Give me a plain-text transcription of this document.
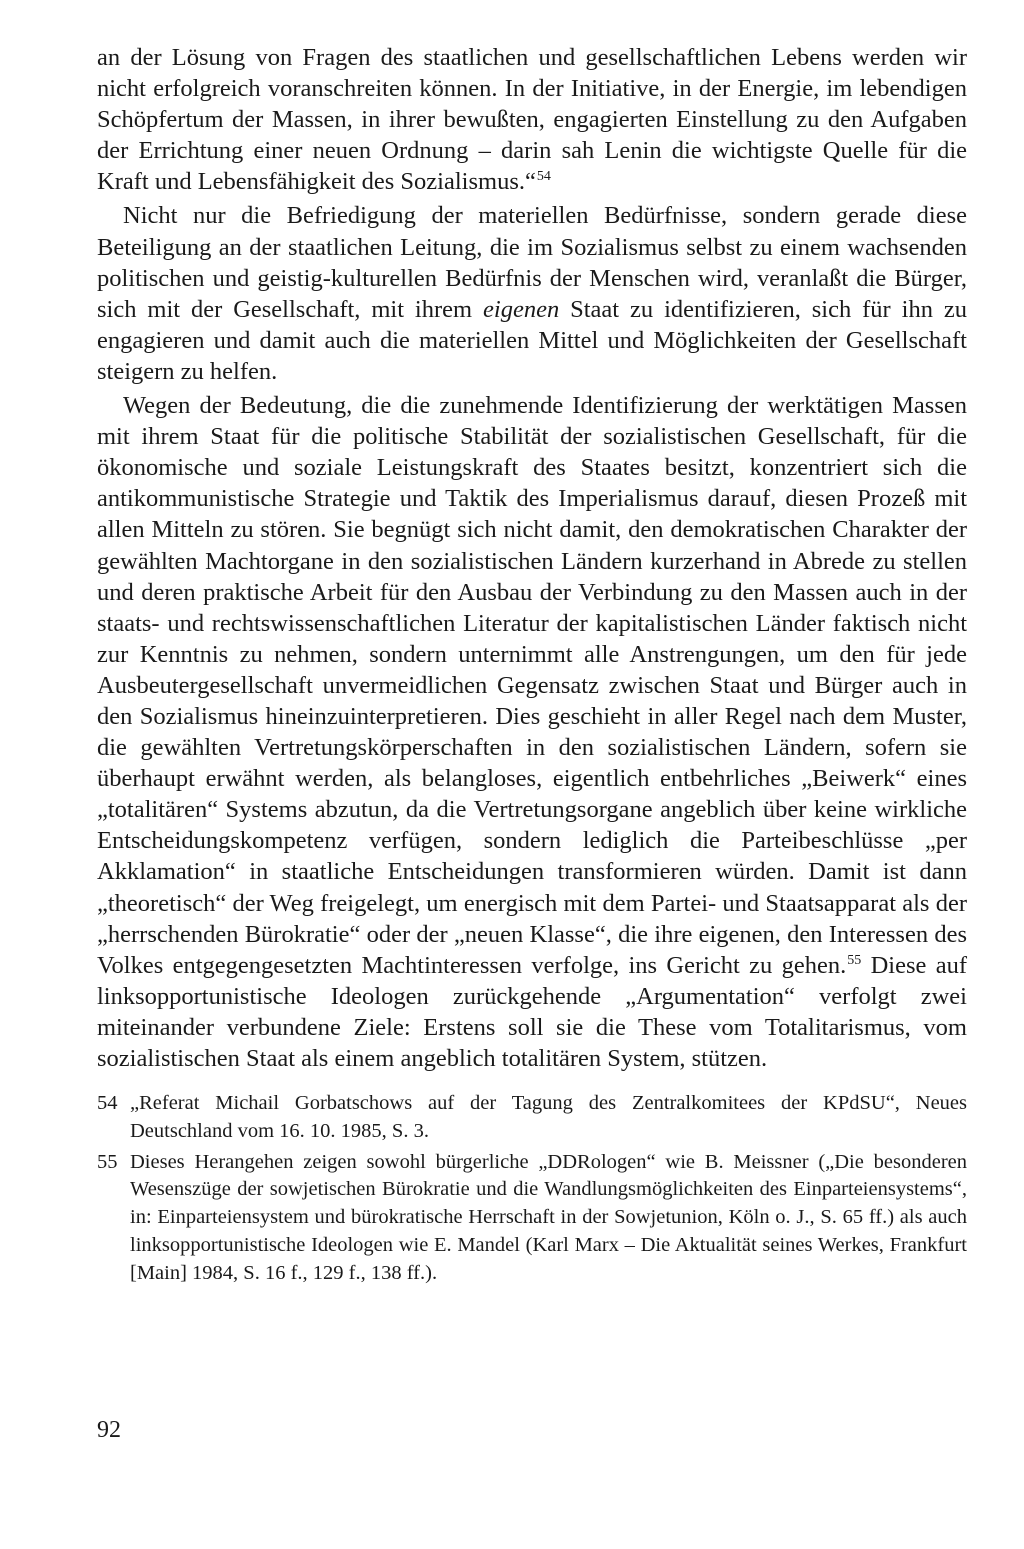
an der Lösung von Fragen des staatlichen und gesellschaftlichen Lebens werden wir nicht erfolgreich voranschreiten können. In der Initiative, in der Energie, im lebendigen Schöpfertum der Massen, in ihrer bewußten, engagierten Einstellung zu den Aufgaben der Errichtung einer neuen Ordnung – darin sah Lenin die wichtigste Quelle für die Kraft und Lebensfähigkeit des Sozialismus.“$^{54}$

Nicht nur die Befriedigung der materiellen Bedürfnisse, sondern gerade diese Beteiligung an der staatlichen Leitung, die im Sozialismus selbst zu einem wachsenden politischen und geistig-kulturellen Bedürfnis der Menschen wird, veranlaßt die Bürger, sich mit der Gesellschaft, mit ihrem eigenen Staat zu identifizieren, sich für ihn zu engagieren und damit auch die materiellen Mittel und Möglichkeiten der Gesellschaft steigern zu helfen.

Wegen der Bedeutung, die die zunehmende Identifizierung der werktätigen Massen mit ihrem Staat für die politische Stabilität der sozialistischen Gesellschaft, für die ökonomische und soziale Leistungskraft des Staates besitzt, konzentriert sich die antikommunistische Strategie und Taktik des Imperialismus darauf, diesen Prozeß mit allen Mitteln zu stören. Sie begnügt sich nicht damit, den demokratischen Charakter der gewählten Machtorgane in den sozialistischen Ländern kurzerhand in Abrede zu stellen und deren praktische Arbeit für den Ausbau der Verbindung zu den Massen auch in der staats- und rechtswissenschaftlichen Literatur der kapitalistischen Länder faktisch nicht zur Kenntnis zu nehmen, sondern unternimmt alle Anstrengungen, um den für jede Ausbeutergesellschaft unvermeidlichen Gegensatz zwischen Staat und Bürger auch in den Sozialismus hineinzuinterpretieren. Dies geschieht in aller Regel nach dem Muster, die gewählten Vertretungskörperschaften in den sozialistischen Ländern, sofern sie überhaupt erwähnt werden, als belangloses, eigentlich entbehrliches „Beiwerk“ eines „totalitären“ Systems abzutun, da die Vertretungsorgane angeblich über keine wirkliche Entscheidungskompetenz verfügen, sondern lediglich die Parteibeschlüsse „per Akklamation“ in staatliche Entscheidungen transformieren würden. Damit ist dann „theoretisch“ der Weg freigelegt, um energisch mit dem Partei- und Staatsapparat als der „herrschenden Bürokratie“ oder der „neuen Klasse“, die ihre eigenen, den Interessen des Volkes entgegengesetzten Machtinteressen verfolge, ins Gericht zu gehen.$^{55}$ Diese auf linksopportunistische Ideologen zurückgehende „Argumentation“ verfolgt zwei miteinander verbundene Ziele: Erstens soll sie die These vom Totalitarismus, vom sozialistischen Staat als einem angeblich totalitären System, stützen.

54 „Referat Michail Gorbatschows auf der Tagung des Zentralkomitees der KPdSU“, Neues Deutschland vom 16. 10. 1985, S. 3.
55 Dieses Herangehen zeigen sowohl bürgerliche „DDRologen“ wie B. Meissner („Die besonderen Wesenszüge der sowjetischen Bürokratie und die Wandlungsmöglichkeiten des Einparteiensystems“, in: Einparteiensystem und bürokratische Herrschaft in der Sowjetunion, Köln o. J., S. 65 ff.) als auch linksopportunistische Ideologen wie E. Mandel (Karl Marx – Die Aktualität seines Werkes, Frankfurt [Main] 1984, S. 16 f., 129 f., 138 ff.).
92
